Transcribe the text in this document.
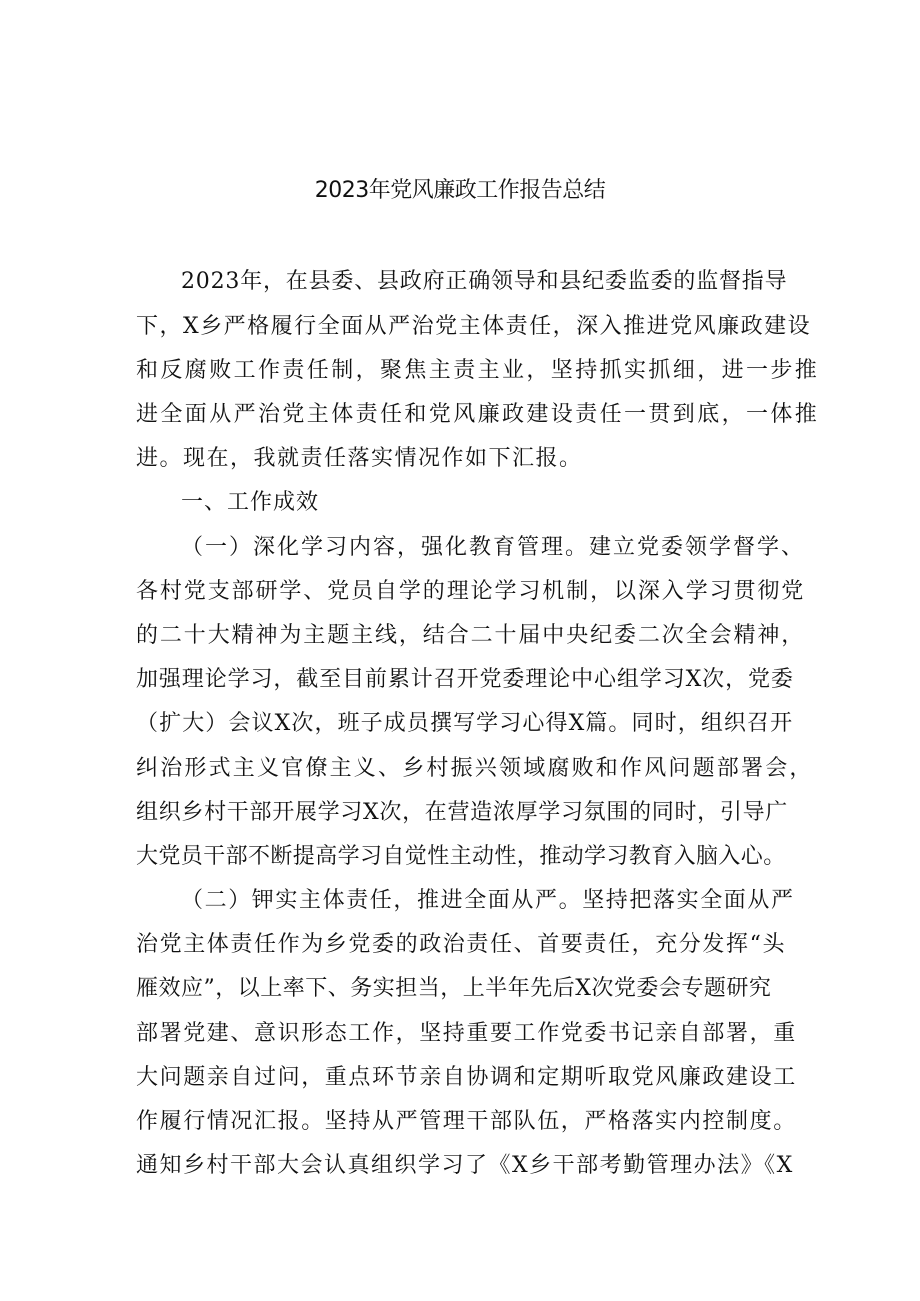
2023年党风廉政工作报告总结
2023年，在县委、县政府正确领导和县纪委监委的监督指导
下，X乡严格履行全面从严治党主体责任，深入推进党风廉政建设
和反腐败工作责任制，聚焦主责主业，坚持抓实抓细，进一步推
进全面从严治党主体责任和党风廉政建设责任一贯到底，一体推
进。现在，我就责任落实情况作如下汇报。
一、工作成效
（一）深化学习内容，强化教育管理。建立党委领学督学、
各村党支部研学、党员自学的理论学习机制，以深入学习贯彻党
的二十大精神为主题主线，结合二十届中央纪委二次全会精神，
加强理论学习，截至目前累计召开党委理论中心组学习X次，党委
（扩大）会议X次，班子成员撰写学习心得X篇。同时，组织召开
纠治形式主义官僚主义、乡村振兴领域腐败和作风问题部署会，
组织乡村干部开展学习X次，在营造浓厚学习氛围的同时，引导广
大党员干部不断提高学习自觉性主动性，推动学习教育入脑入心。
（二）钾实主体责任，推进全面从严。坚持把落实全面从严
治党主体责任作为乡党委的政治责任、首要责任，充分发挥“头
雁效应”，以上率下、务实担当，上半年先后X次党委会专题研究
部署党建、意识形态工作，坚持重要工作党委书记亲自部署，重
大问题亲自过问，重点环节亲自协调和定期听取党风廉政建设工
作履行情况汇报。坚持从严管理干部队伍，严格落实内控制度。
通知乡村干部大会认真组织学习了《X乡干部考勤管理办法》《X
